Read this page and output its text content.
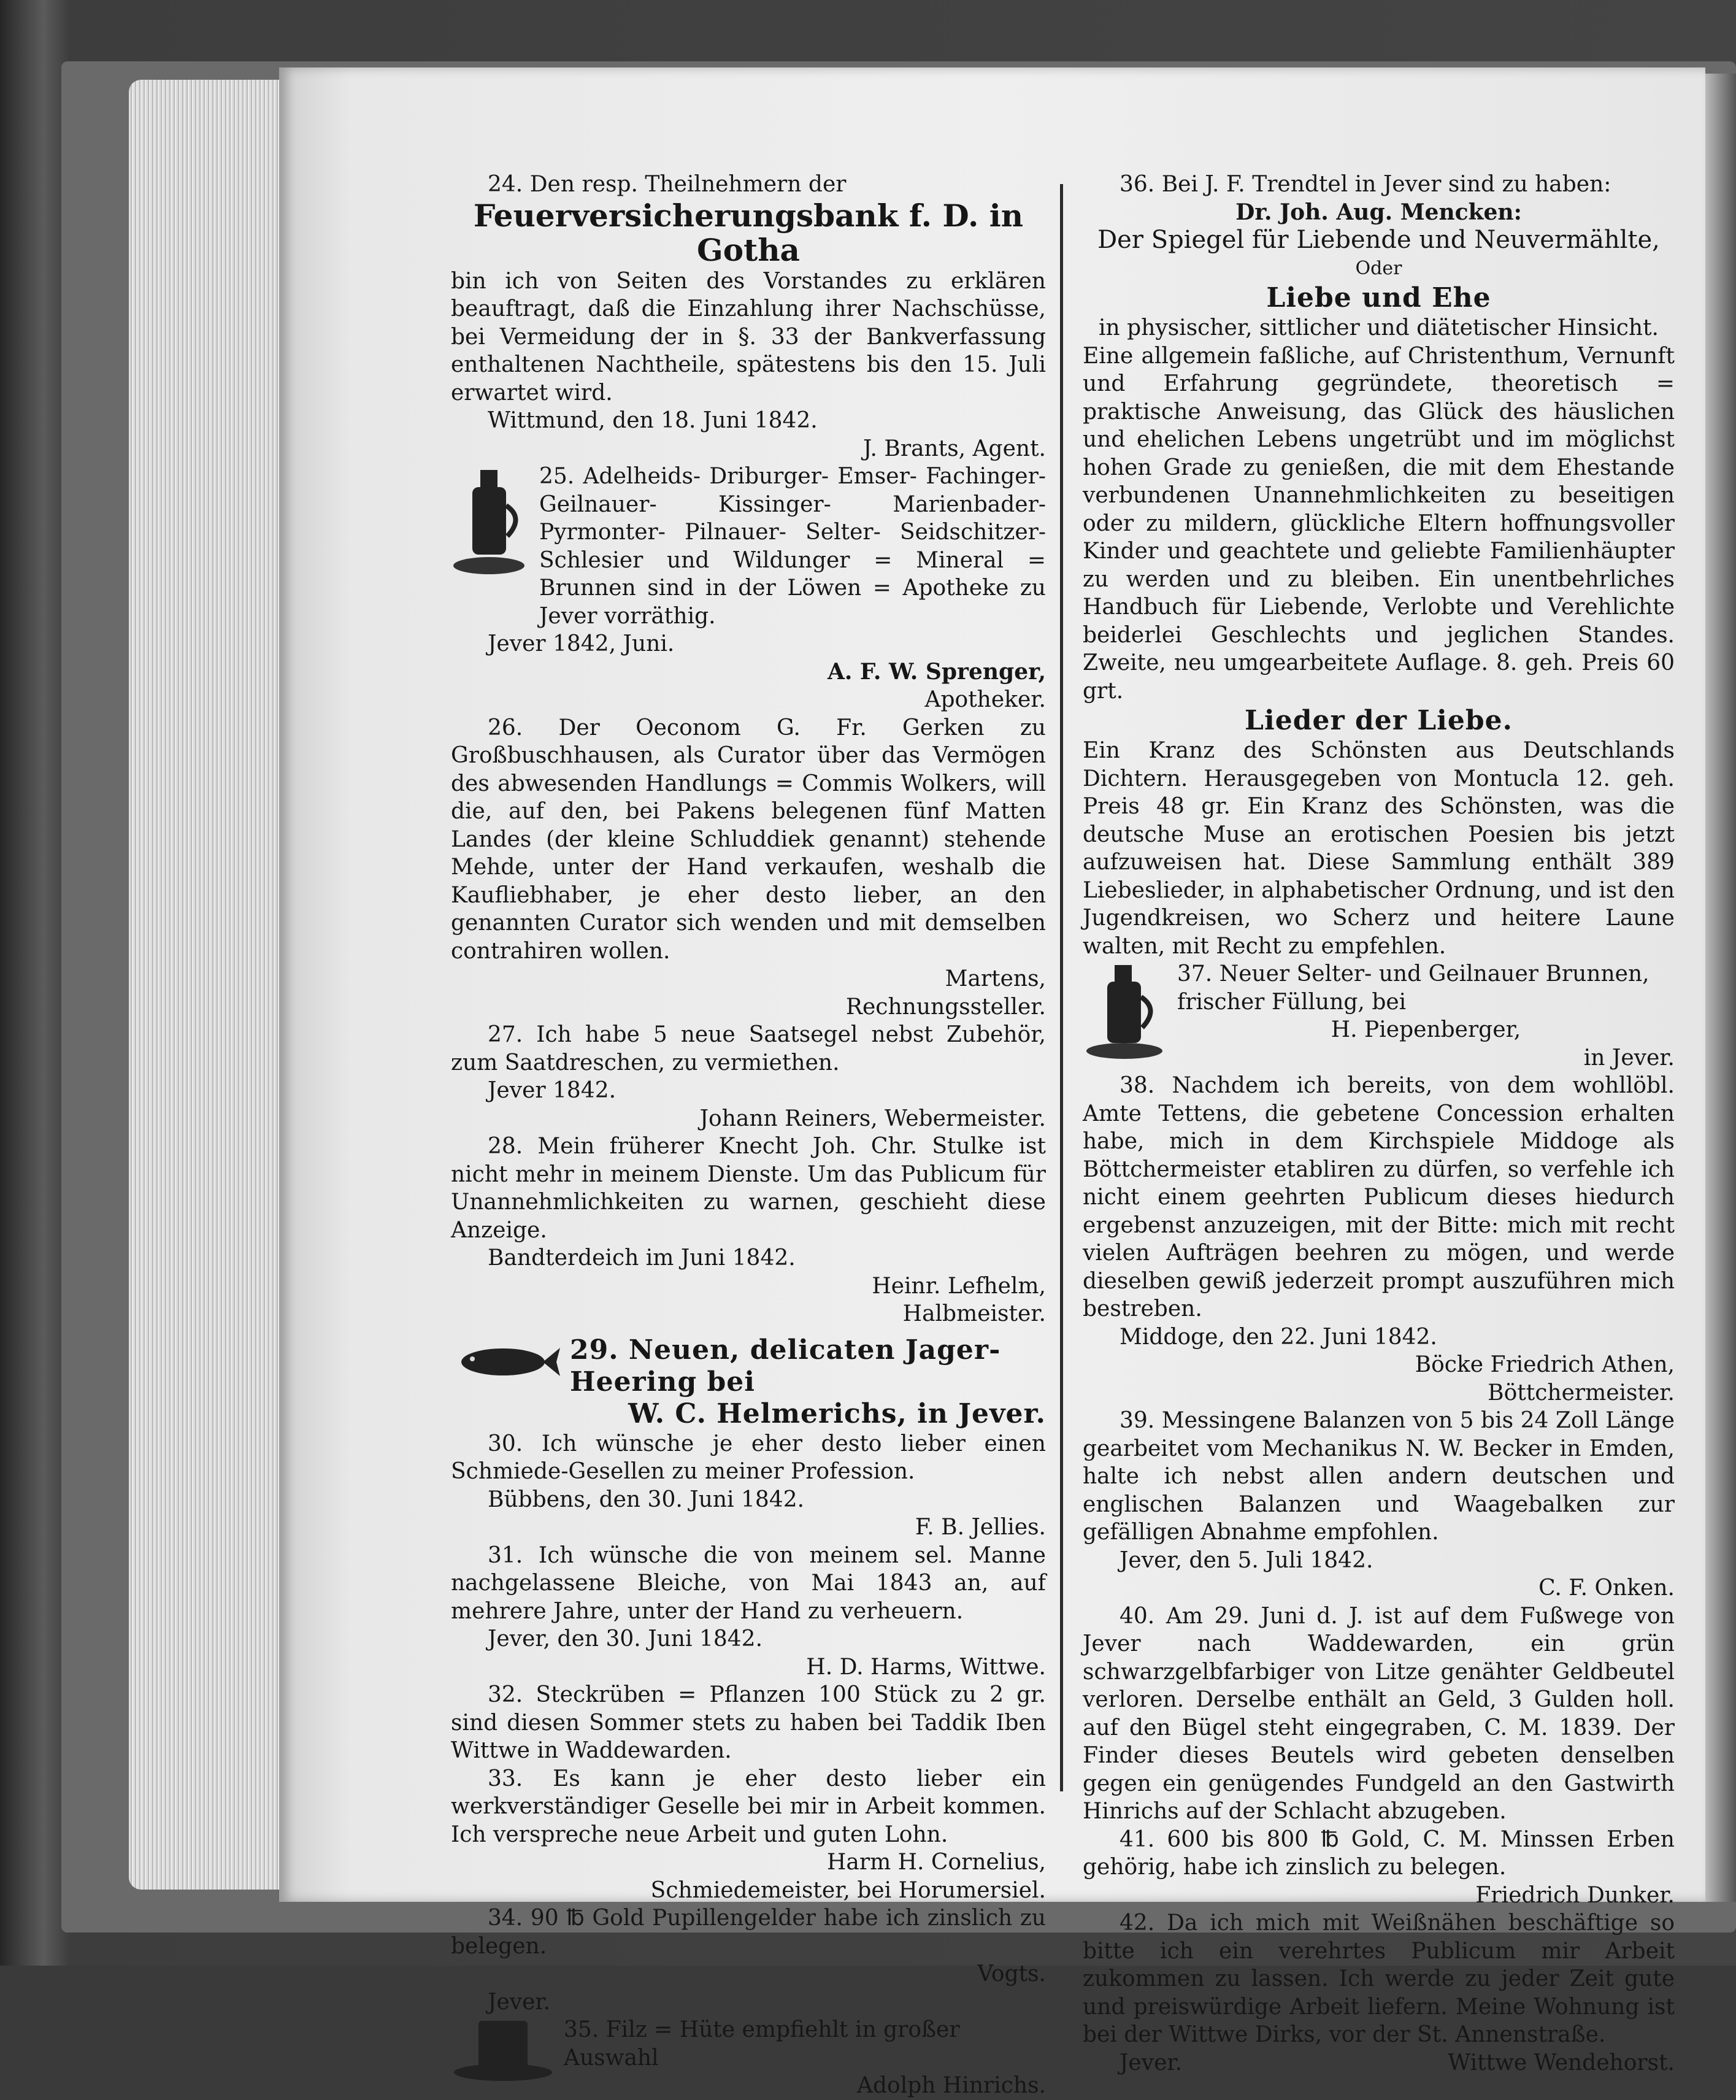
24. Den resp. Theilnehmern der

Feuerversicherungsbank f. D. in Gotha

bin ich von Seiten des Vorstandes zu erklären beauftragt, daß die Einzahlung ihrer Nachschüsse, bei Vermeidung der in §. 33 der Bankverfassung enthaltenen Nachtheile, spätestens bis den 15. Juli erwartet wird.

Wittmund, den 18. Juni 1842.

J. Brants, Agent.

25. Adelheids- Driburger- Emser- Fachinger- Geilnauer- Kissinger- Marienbader- Pyrmonter- Pilnauer- Selter- Seidschitzer- Schlesier und Wildunger = Mineral = Brunnen sind in der Löwen = Apotheke zu Jever vorräthig.

Jever 1842, Juni.

A. F. W. Sprenger,

Apotheker.

26. Der Oeconom G. Fr. Gerken zu Großbuschhausen, als Curator über das Vermögen des abwesenden Handlungs = Commis Wolkers, will die, auf den, bei Pakens belegenen fünf Matten Landes (der kleine Schluddiek genannt) stehende Mehde, unter der Hand verkaufen, weshalb die Kaufliebhaber, je eher desto lieber, an den genannten Curator sich wenden und mit demselben contrahiren wollen.

Martens,

Rechnungssteller.

27. Ich habe 5 neue Saatsegel nebst Zubehör, zum Saatdreschen, zu vermiethen.

Jever 1842.

Johann Reiners, Webermeister.

28. Mein früherer Knecht Joh. Chr. Stulke ist nicht mehr in meinem Dienste. Um das Publicum für Unannehmlichkeiten zu warnen, geschieht diese Anzeige.

Bandterdeich im Juni 1842.

Heinr. Lefhelm,

Halbmeister.

29. Neuen, delicaten Jager-

Heering bei

W. C. Helmerichs, in Jever.

30. Ich wünsche je eher desto lieber einen Schmiede-Gesellen zu meiner Profession.

Bübbens, den 30. Juni 1842.

F. B. Jellies.

31. Ich wünsche die von meinem sel. Manne nachgelassene Bleiche, von Mai 1843 an, auf mehrere Jahre, unter der Hand zu verheuern.

Jever, den 30. Juni 1842.

H. D. Harms, Wittwe.

32. Steckrüben = Pflanzen 100 Stück zu 2 gr. sind diesen Sommer stets zu haben bei Taddik Iben Wittwe in Waddewarden.

33. Es kann je eher desto lieber ein werkverständiger Geselle bei mir in Arbeit kommen. Ich verspreche neue Arbeit und guten Lohn.

Harm H. Cornelius,

Schmiedemeister, bei Horumersiel.

34. 90 ℔ Gold Pupillengelder habe ich zinslich zu belegen.

Vogts.

Jever.

35. Filz = Hüte empfiehlt in großer

Auswahl

Adolph Hinrichs.

36. Bei J. F. Trendtel in Jever sind zu haben:

Dr. Joh. Aug. Mencken:

Der Spiegel für Liebende und Neuvermählte,

Oder

Liebe und Ehe

in physischer, sittlicher und diätetischer Hinsicht.

Eine allgemein faßliche, auf Christenthum, Vernunft und Erfahrung gegründete, theoretisch = praktische Anweisung, das Glück des häuslichen und ehelichen Lebens ungetrübt und im möglichst hohen Grade zu genießen, die mit dem Ehestande verbundenen Unannehmlichkeiten zu beseitigen oder zu mildern, glückliche Eltern hoffnungsvoller Kinder und geachtete und geliebte Familienhäupter zu werden und zu bleiben. Ein unentbehrliches Handbuch für Liebende, Verlobte und Verehlichte beiderlei Geschlechts und jeglichen Standes. Zweite, neu umgearbeitete Auflage. 8. geh. Preis 60 grt.

Lieder der Liebe.

Ein Kranz des Schönsten aus Deutschlands Dichtern. Herausgegeben von Montucla 12. geh. Preis 48 gr. Ein Kranz des Schönsten, was die deutsche Muse an erotischen Poesien bis jetzt aufzuweisen hat. Diese Sammlung enthält 389 Liebeslieder, in alphabetischer Ordnung, und ist den Jugendkreisen, wo Scherz und heitere Laune walten, mit Recht zu empfehlen.

37. Neuer Selter- und Geilnauer Brunnen,

frischer Füllung, bei

H. Piepenberger,

in Jever.

38. Nachdem ich bereits, von dem wohllöbl. Amte Tettens, die gebetene Concession erhalten habe, mich in dem Kirchspiele Middoge als Böttchermeister etabliren zu dürfen, so verfehle ich nicht einem geehrten Publicum dieses hiedurch ergebenst anzuzeigen, mit der Bitte: mich mit recht vielen Aufträgen beehren zu mögen, und werde dieselben gewiß jederzeit prompt auszuführen mich bestreben.

Middoge, den 22. Juni 1842.

Böcke Friedrich Athen,

Böttchermeister.

39. Messingene Balanzen von 5 bis 24 Zoll Länge gearbeitet vom Mechanikus N. W. Becker in Emden, halte ich nebst allen andern deutschen und englischen Balanzen und Waagebalken zur gefälligen Abnahme empfohlen.

Jever, den 5. Juli 1842.

C. F. Onken.

40. Am 29. Juni d. J. ist auf dem Fußwege von Jever nach Waddewarden, ein grün schwarzgelbfarbiger von Litze genähter Geldbeutel verloren. Derselbe enthält an Geld, 3 Gulden holl. auf den Bügel steht eingegraben, C. M. 1839. Der Finder dieses Beutels wird gebeten denselben gegen ein genügendes Fundgeld an den Gastwirth Hinrichs auf der Schlacht abzugeben.

41. 600 bis 800 ℔ Gold, C. M. Minssen Erben gehörig, habe ich zinslich zu belegen.

Friedrich Dunker.

42. Da ich mich mit Weißnähen beschäftige so bitte ich ein verehrtes Publicum mir Arbeit zukommen zu lassen. Ich werde zu jeder Zeit gute und preiswürdige Arbeit liefern. Meine Wohnung ist bei der Wittwe Dirks, vor der St. Annenstraße.

Jever.	Wittwe Wendehorst.
